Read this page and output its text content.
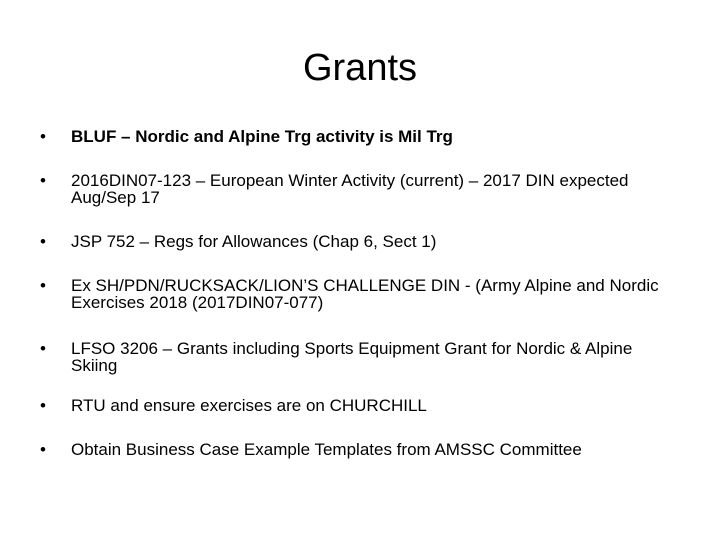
Grants
• BLUF – Nordic and Alpine Trg activity is Mil Trg
• 2016DIN07-123 – European Winter Activity (current) – 2017 DIN expected Aug/Sep 17
• JSP 752 – Regs for Allowances (Chap 6, Sect 1)
• Ex SH/PDN/RUCKSACK/LION’S CHALLENGE DIN - (Army Alpine and Nordic Exercises 2018 (2017DIN07-077)
• LFSO 3206 – Grants including Sports Equipment Grant for Nordic & Alpine Skiing
• RTU and ensure exercises are on CHURCHILL
• Obtain Business Case Example Templates from AMSSC Committee
